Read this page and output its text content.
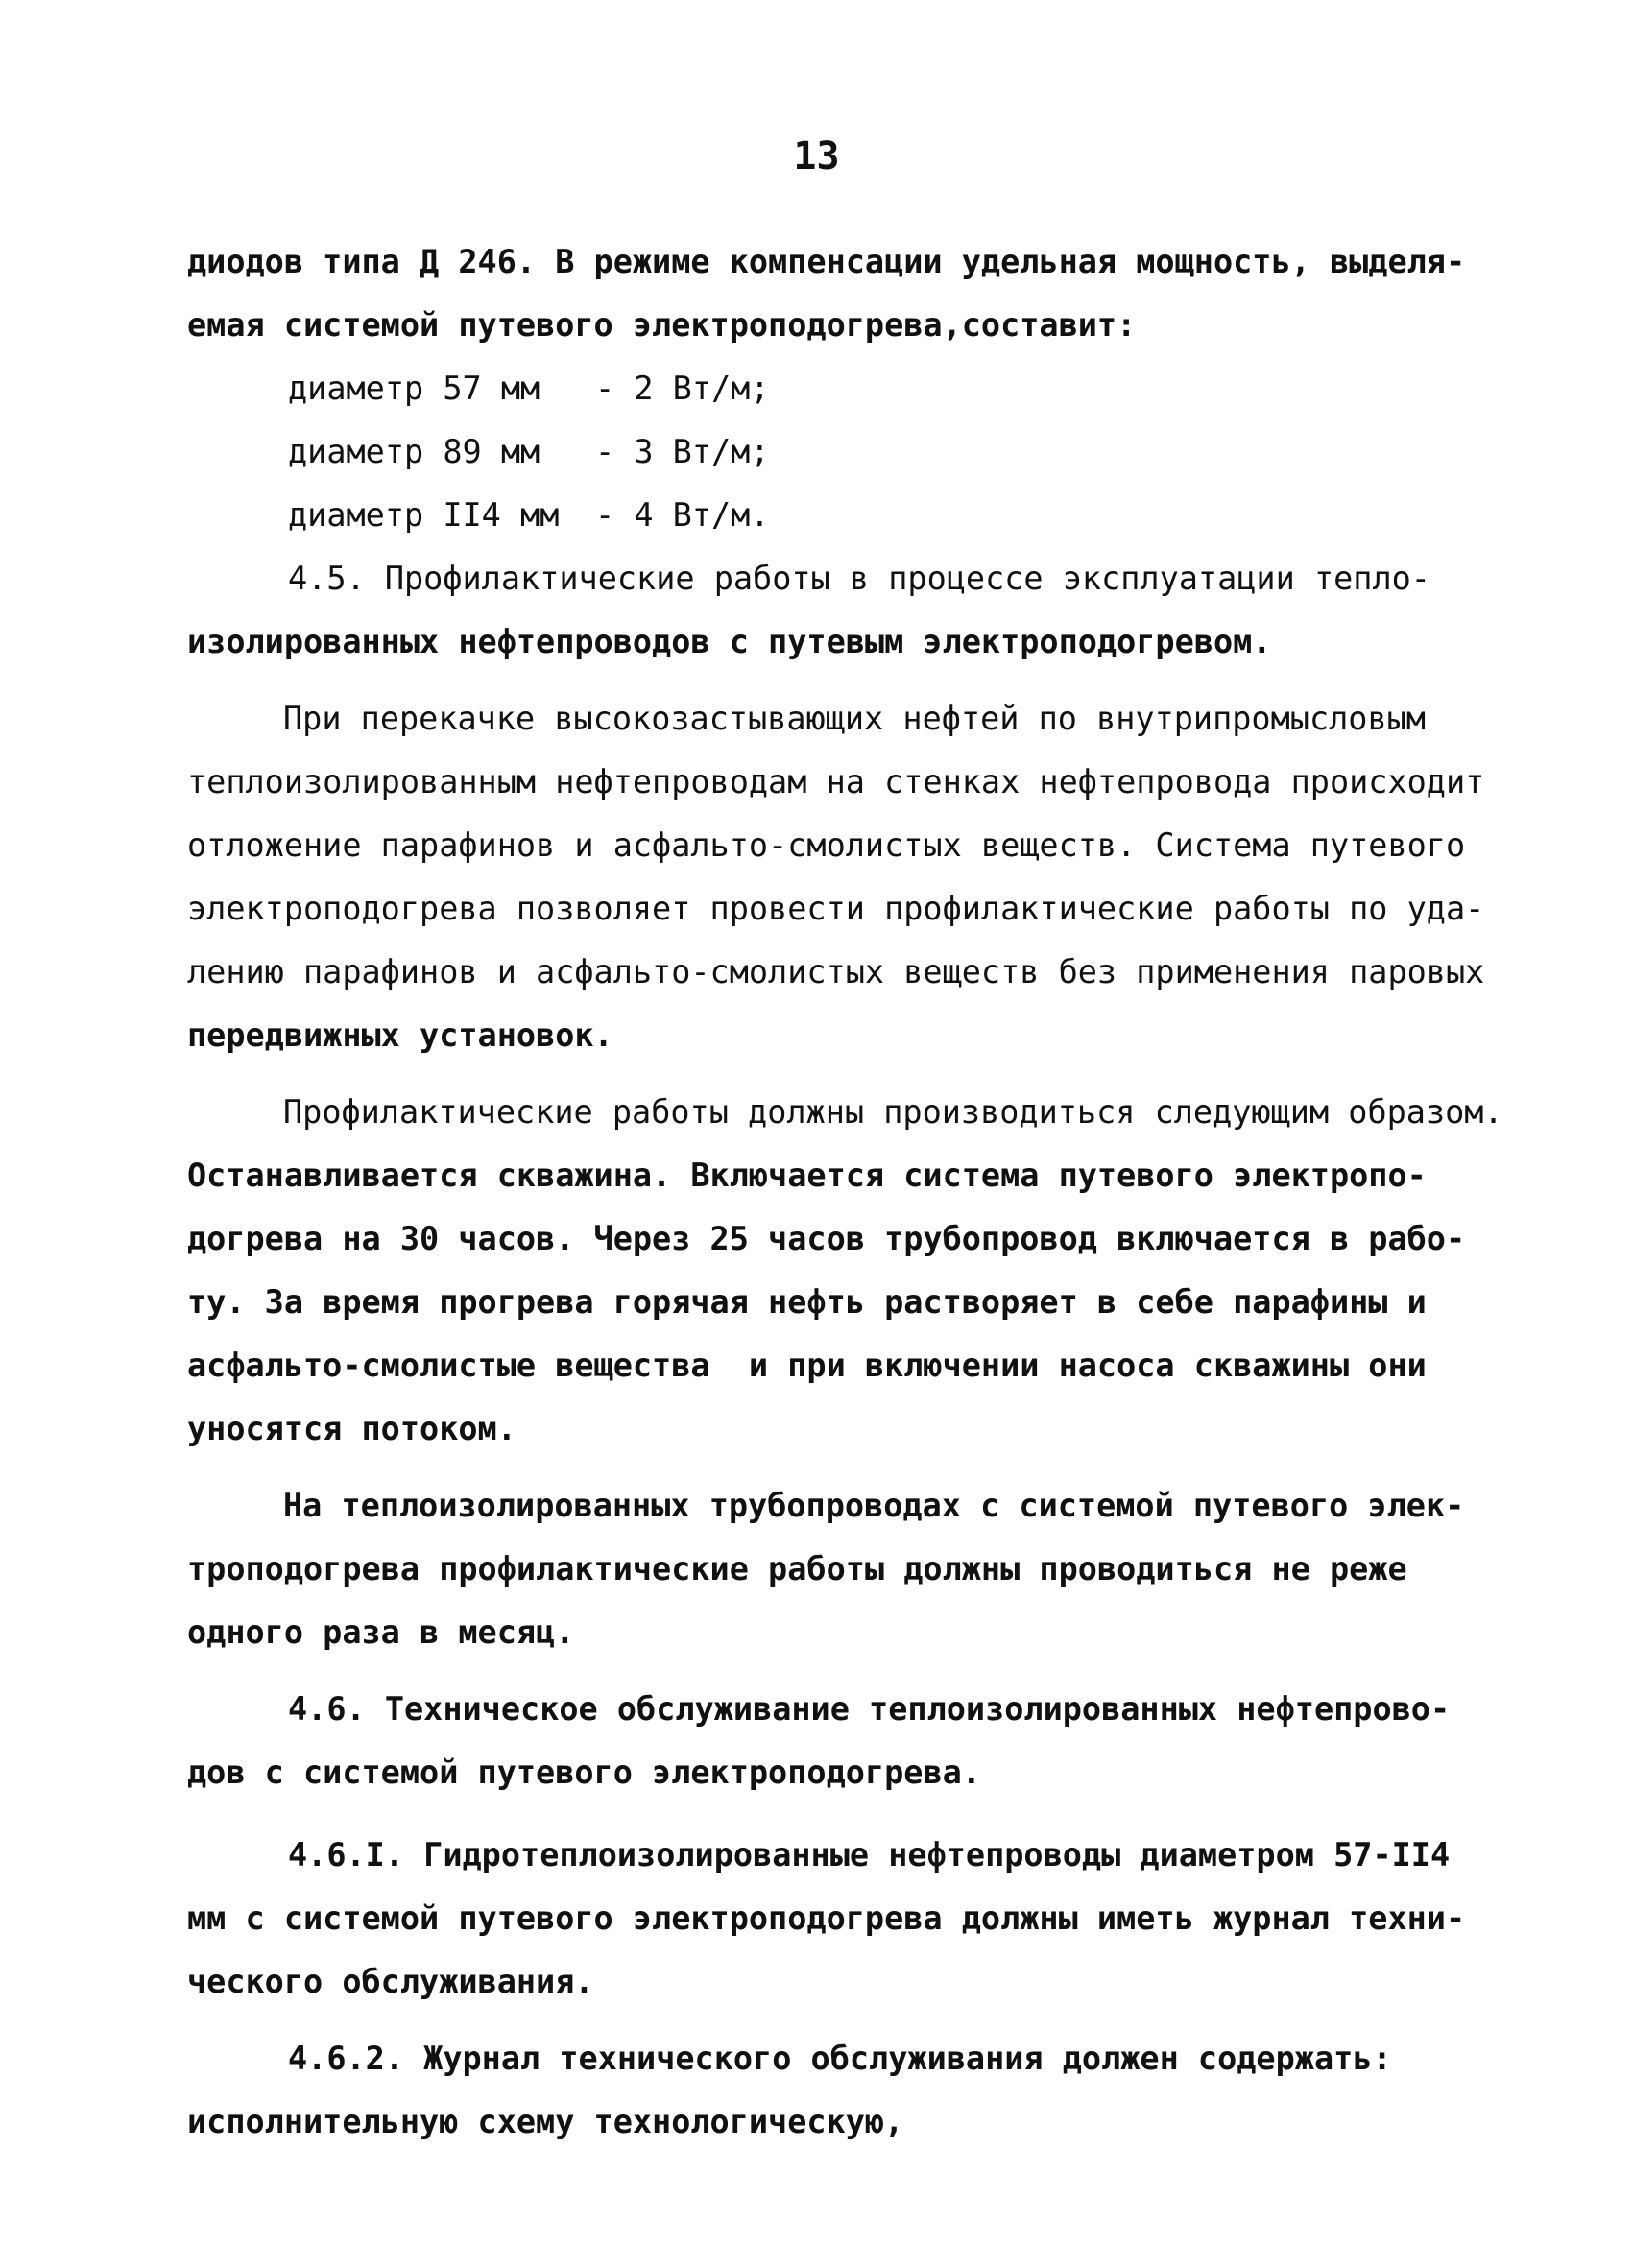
13
диодов типа Д 246. В режиме компенсации удельная мощность, выделя-
емая системой путевого электроподогрева,составит:
диаметр 57 мм - 2 Вт/м;
диаметр 89 мм - 3 Вт/м;
диаметр II4 мм - 4 Вт/м.
4.5. Профилактические работы в процессе эксплуатации тепло-
изолированных нефтепроводов с путевым электроподогревом.
При перекачке высокозастывающих нефтей по внутрипромысловым
теплоизолированным нефтепроводам на стенках нефтепровода происходит
отложение парафинов и асфальто-смолистых веществ. Система путевого
электроподогрева позволяет провести профилактические работы по уда-
лению парафинов и асфальто-смолистых веществ без применения паровых
передвижных установок.
Профилактические работы должны производиться следующим образом.
Останавливается скважина. Включается система путевого электропо-
догрева на 30 часов. Через 25 часов трубопровод включается в рабо-
ту. За время прогрева горячая нефть растворяет в себе парафины и
асфальто-смолистые вещества  и при включении насоса скважины они
уносятся потоком.
На теплоизолированных трубопроводах с системой путевого элек-
троподогрева профилактические работы должны проводиться не реже
одного раза в месяц.
4.6. Техническое обслуживание теплоизолированных нефтепрово-
дов с системой путевого электроподогрева.
4.6.I. Гидротеплоизолированные нефтепроводы диаметром 57-II4
мм с системой путевого электроподогрева должны иметь журнал техни-
ческого обслуживания.
4.6.2. Журнал технического обслуживания должен содержать:
исполнительную схему технологическую,
